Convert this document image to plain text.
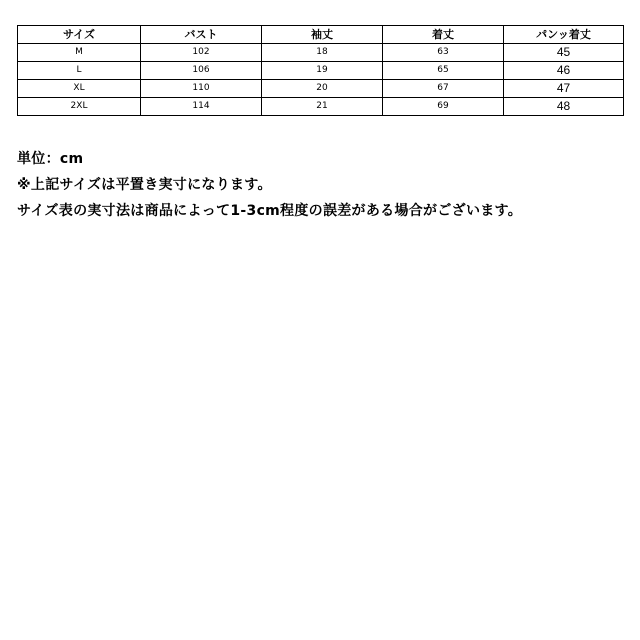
サイズ	バスト	袖丈	着丈	パンッ着丈
M	102	18	63	45
L	106	19	65	46
XL	110	20	67	47
2XL	114	21	69	48
単位：cm
※上記サイズは平置き実寸になります。
サイズ表の実寸法は商品によって1-3cm程度の誤差がある場合がございます。
